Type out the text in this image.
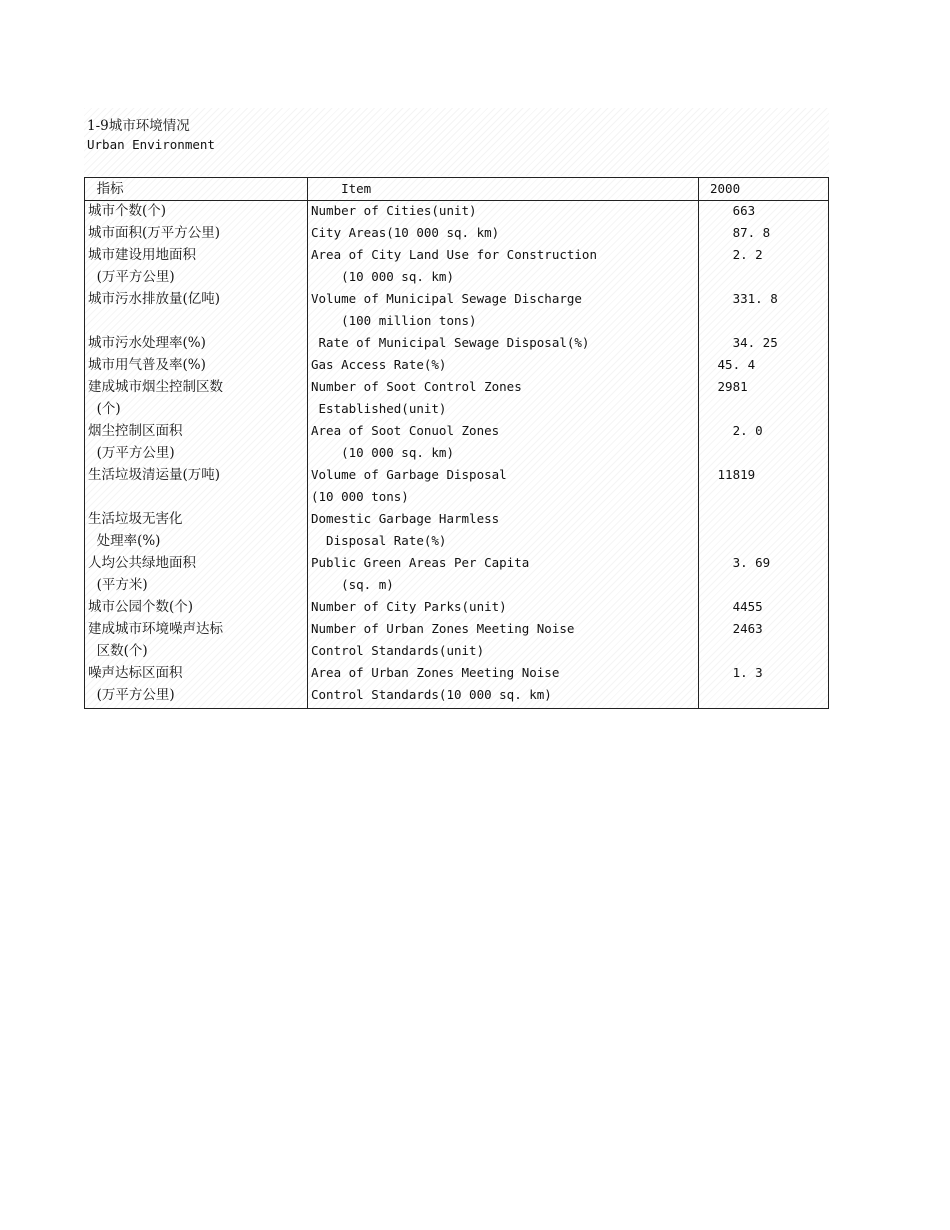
1-9城市环境情况
Urban Environment
指标	Item	2000
城市个数(个)	Number of Cities(unit)	663
城市面积(万平方公里)	City Areas(10 000 sq. km)	87. 8
城市建设用地面积	Area of City Land Use for Construction	2. 2
(万平方公里)	(10 000 sq. km)
城市污水排放量(亿吨)	Volume of Municipal Sewage Discharge	331. 8
(100 million tons)
城市污水处理率(%)	Rate of Municipal Sewage Disposal(%)	34. 25
城市用气普及率(%)	Gas Access Rate(%)	45. 4
建成城市烟尘控制区数	Number of Soot Control Zones	2981
(个)	Established(unit)
烟尘控制区面积	Area of Soot Conuol Zones	2. 0
(万平方公里)	(10 000 sq. km)
生活垃圾清运量(万吨)	Volume of Garbage Disposal	11819
(10 000 tons)
生活垃圾无害化	Domestic Garbage Harmless
处理率(%)	Disposal Rate(%)
人均公共绿地面积	Public Green Areas Per Capita	3. 69
(平方米)	(sq. m)
城市公园个数(个)	Number of City Parks(unit)	4455
建成城市环境噪声达标	Number of Urban Zones Meeting Noise	2463
区数(个)	Control Standards(unit)
噪声达标区面积	Area of Urban Zones Meeting Noise	1. 3
(万平方公里)	Control Standards(10 000 sq. km)
